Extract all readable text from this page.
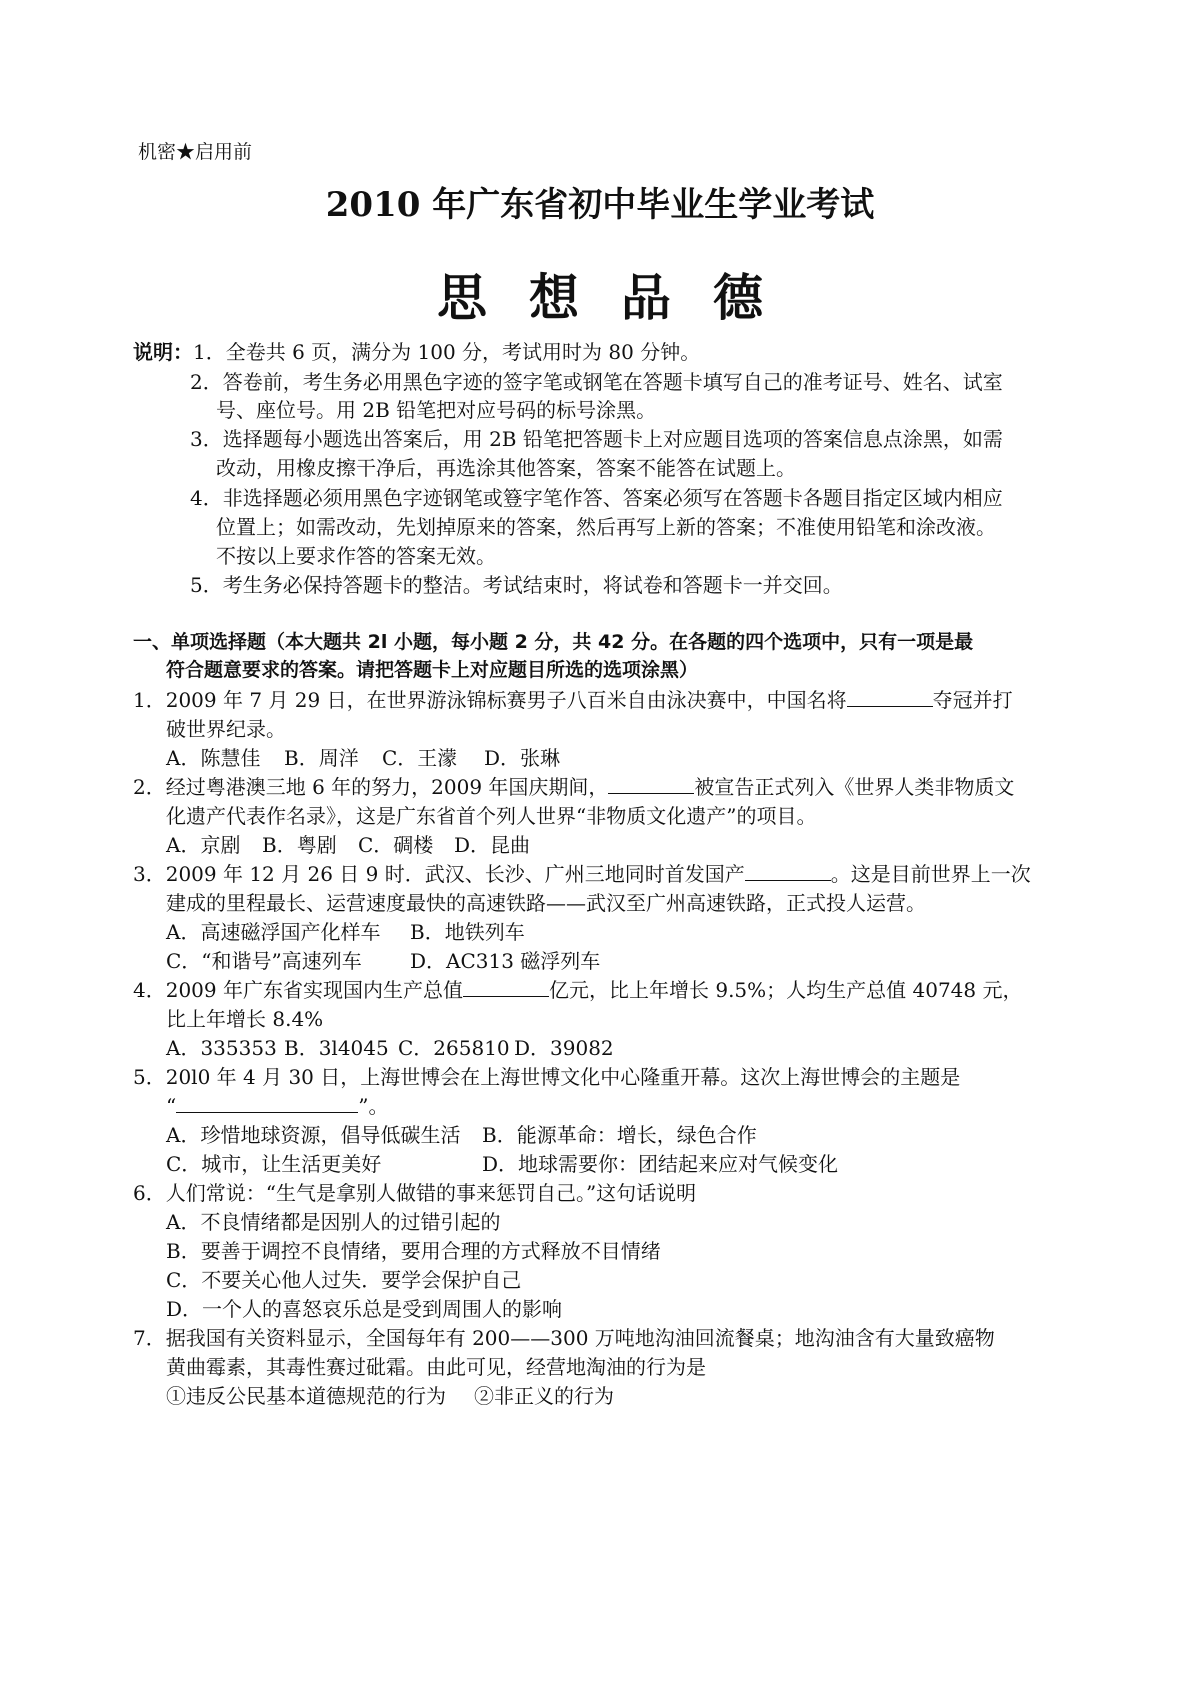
机密★启用前
2010 年广东省初中毕业生学业考试
思想品德
说明：1．全卷共 6 页，满分为 100 分，考试用时为 80 分钟。
2．答卷前，考生务必用黑色字迹的签字笔或钢笔在答题卡填写自己的准考证号、姓名、试室
号、座位号。用 2B 铅笔把对应号码的标号涂黑。
3．选择题每小题选出答案后，用 2B 铅笔把答题卡上对应题目选项的答案信息点涂黑，如需
改动，用橡皮擦干净后，再选涂其他答案，答案不能答在试题上。
4．非选择题必须用黑色字迹钢笔或簦字笔作答、答案必须写在答题卡各题目指定区域内相应
位置上；如需改动，先划掉原来的答案，然后再写上新的答案；不准使用铅笔和涂改液。
不按以上要求作答的答案无效。
5．考生务必保持答题卡的整洁。考试结束时，将试卷和答题卡一并交回。
一、单项选择题（本大题共 2l 小题，每小题 2 分，共 42 分。在各题的四个选项中，只有一项是最
符合题意要求的答案。请把答题卡上对应题目所选的选项涂黑）
1．2009 年 7 月 29 日，在世界游泳锦标赛男子八百米自由泳决赛中，中国名将	夺冠并打
破世界纪录。
A．陈慧佳 B．周洋 C．王濛 D．张琳
2．经过粤港澳三地 6 年的努力，2009 年国庆期间，	被宣告正式列入《世界人类非物质文
化遗产代表作名录》，这是广东省首个列人世界“非物质文化遗产”的项目。
A．京剧 B．粤剧 C．碉楼 D．昆曲
3．2009 年 12 月 26 日 9 时．武汉、长沙、广州三地同时首发国产	。这是目前世界上一次
建成的里程最长、运营速度最快的高速铁路——武汉至广州高速铁路，正式投人运营。
A．高速磁浮国产化样车 B．地铁列车
C．“和谐号”高速列车 D．AC313 磁浮列车
4．2009 年广东省实现国内生产总值	亿元，比上年增长 9.5%；人均生产总值 40748 元，
比上年增长 8.4%
A．335353 B．3l4045 C．265810 D．39082
5．20l0 年 4 月 30 日，上海世博会在上海世博文化中心隆重开幕。这次上海世博会的主题是
“	”。
A．珍惜地球资源，倡导低碳生活 B．能源革命：增长，绿色合作
C．城市，让生活更美好	D．地球需要你：团结起来应对气候变化
6．人们常说：“生气是拿别人做错的事来惩罚自己。”这句话说明
A．不良情绪都是因别人的过错引起的
B．要善于调控不良情绪，要用合理的方式释放不目情绪
C．不要关心他人过失．要学会保护自己
D．一个人的喜怒哀乐总是受到周围人的影响
7．据我国有关资料显示，全国每年有 200——300 万吨地沟油回流餐桌；地沟油含有大量致癌物
黄曲霉素，其毒性赛过砒霜。由此可见，经营地淘油的行为是
①违反公民基本道德规范的行为 ②非正义的行为
